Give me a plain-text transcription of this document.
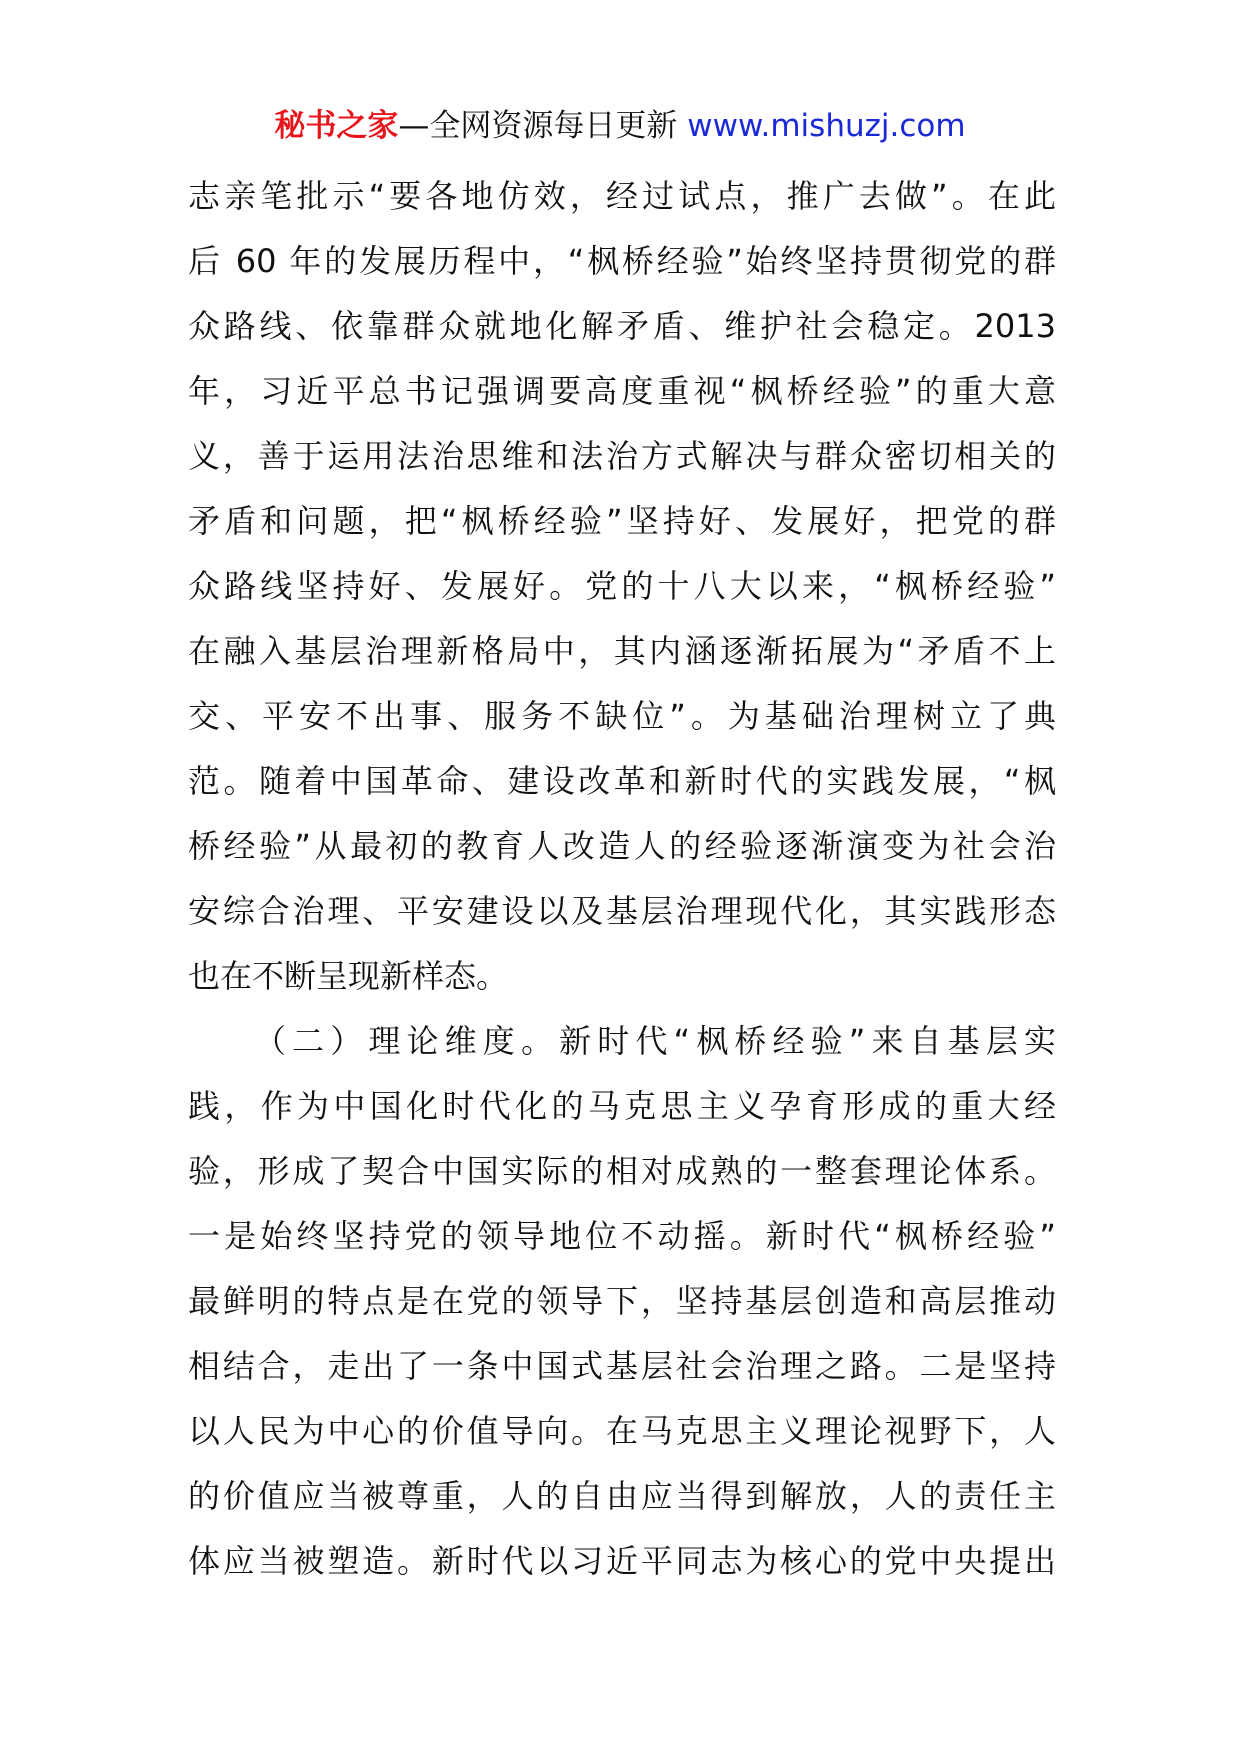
秘书之家—全网资源每日更新 www.mishuzj.com
志亲笔批示“要各地仿效，经过试点，推广去做”。在此
后 60 年的发展历程中，“枫桥经验”始终坚持贯彻党的群
众路线、依靠群众就地化解矛盾、维护社会稳定。2013
年，习近平总书记强调要高度重视“枫桥经验”的重大意
义，善于运用法治思维和法治方式解决与群众密切相关的
矛盾和问题，把“枫桥经验”坚持好、发展好，把党的群
众路线坚持好、发展好。党的十八大以来，“枫桥经验”
在融入基层治理新格局中，其内涵逐渐拓展为“矛盾不上
交、平安不出事、服务不缺位”。为基础治理树立了典
范。随着中国革命、建设改革和新时代的实践发展，“枫
桥经验”从最初的教育人改造人的经验逐渐演变为社会治
安综合治理、平安建设以及基层治理现代化，其实践形态
也在不断呈现新样态。
（二）理论维度。新时代“枫桥经验”来自基层实
践，作为中国化时代化的马克思主义孕育形成的重大经
验，形成了契合中国实际的相对成熟的一整套理论体系。
一是始终坚持党的领导地位不动摇。新时代“枫桥经验”
最鲜明的特点是在党的领导下，坚持基层创造和高层推动
相结合，走出了一条中国式基层社会治理之路。二是坚持
以人民为中心的价值导向。在马克思主义理论视野下，人
的价值应当被尊重，人的自由应当得到解放，人的责任主
体应当被塑造。新时代以习近平同志为核心的党中央提出
